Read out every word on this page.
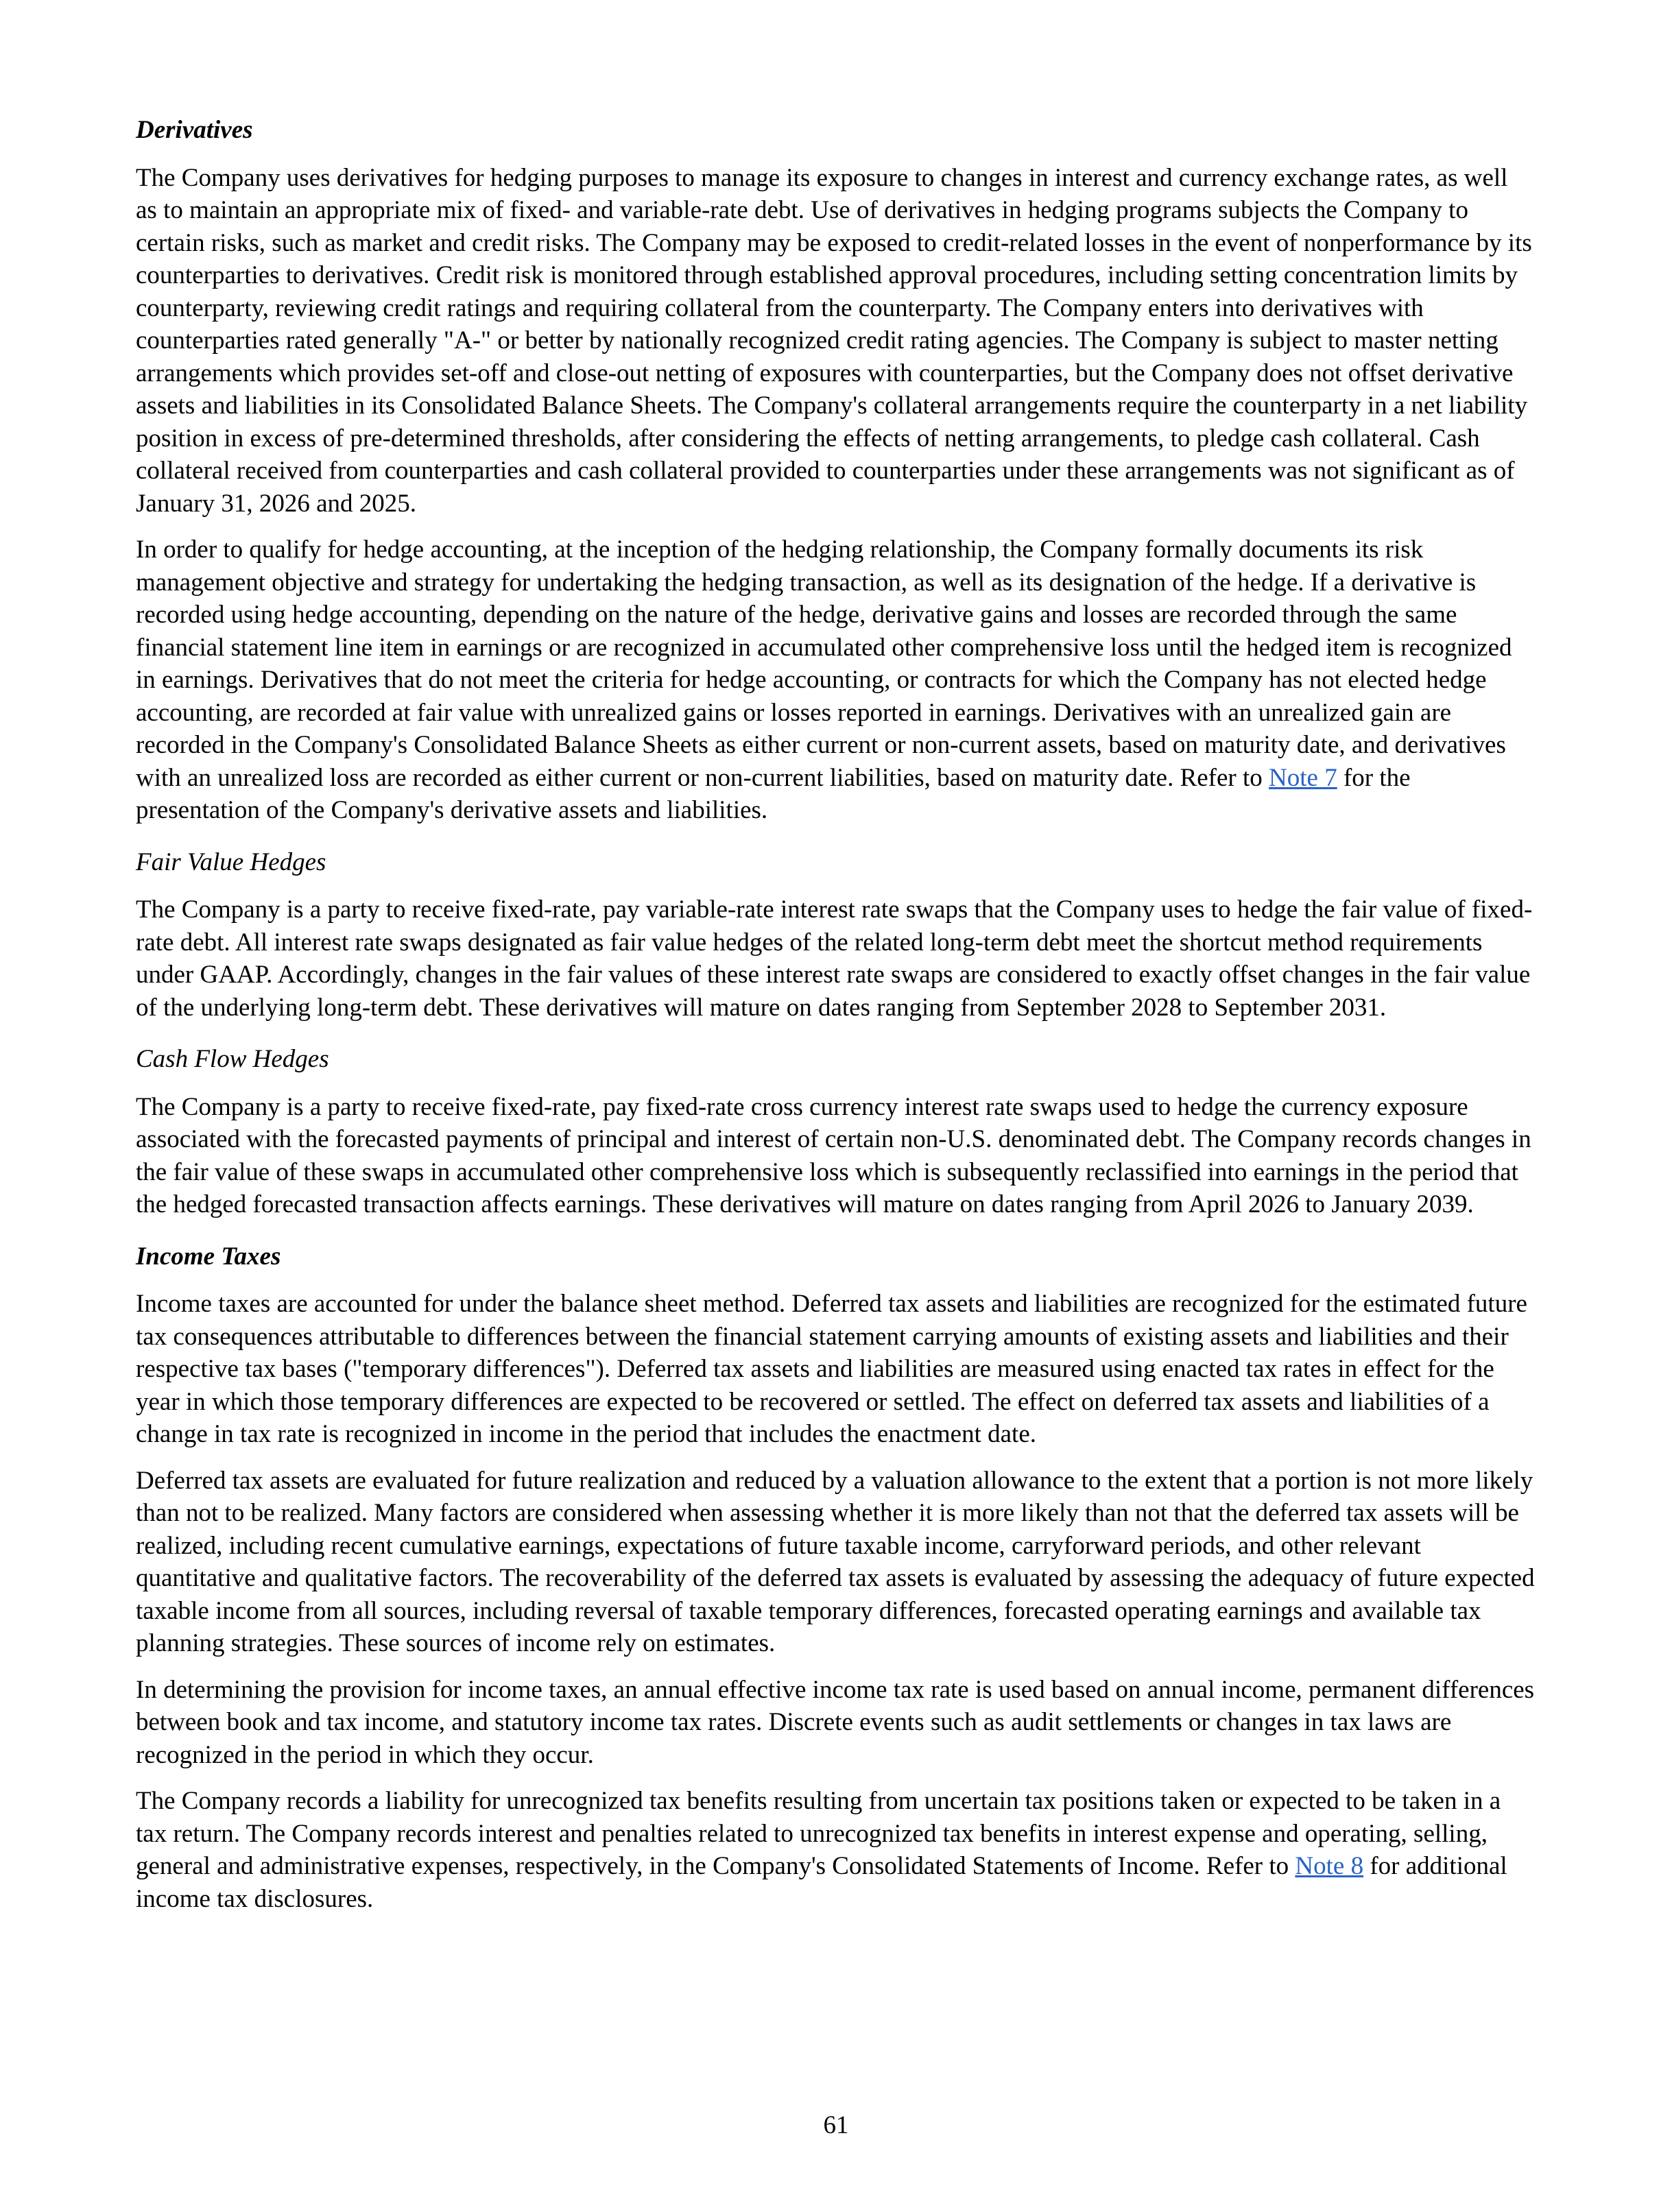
Derivatives

The Company uses derivatives for hedging purposes to manage its exposure to changes in interest and currency exchange rates, as well as to maintain an appropriate mix of fixed- and variable-rate debt. Use of derivatives in hedging programs subjects the Company to certain risks, such as market and credit risks. The Company may be exposed to credit-related losses in the event of nonperformance by its counterparties to derivatives. Credit risk is monitored through established approval procedures, including setting concentration limits by counterparty, reviewing credit ratings and requiring collateral from the counterparty. The Company enters into derivatives with counterparties rated generally "A-" or better by nationally recognized credit rating agencies. The Company is subject to master netting arrangements which provides set-off and close-out netting of exposures with counterparties, but the Company does not offset derivative assets and liabilities in its Consolidated Balance Sheets. The Company's collateral arrangements require the counterparty in a net liability position in excess of pre-determined thresholds, after considering the effects of netting arrangements, to pledge cash collateral. Cash collateral received from counterparties and cash collateral provided to counterparties under these arrangements was not significant as of January 31, 2026 and 2025.

In order to qualify for hedge accounting, at the inception of the hedging relationship, the Company formally documents its risk management objective and strategy for undertaking the hedging transaction, as well as its designation of the hedge. If a derivative is recorded using hedge accounting, depending on the nature of the hedge, derivative gains and losses are recorded through the same financial statement line item in earnings or are recognized in accumulated other comprehensive loss until the hedged item is recognized in earnings. Derivatives that do not meet the criteria for hedge accounting, or contracts for which the Company has not elected hedge accounting, are recorded at fair value with unrealized gains or losses reported in earnings. Derivatives with an unrealized gain are recorded in the Company's Consolidated Balance Sheets as either current or non-current assets, based on maturity date, and derivatives with an unrealized loss are recorded as either current or non-current liabilities, based on maturity date. Refer to Note 7 for the presentation of the Company's derivative assets and liabilities.

Fair Value Hedges

The Company is a party to receive fixed-rate, pay variable-rate interest rate swaps that the Company uses to hedge the fair value of fixed-rate debt. All interest rate swaps designated as fair value hedges of the related long-term debt meet the shortcut method requirements under GAAP. Accordingly, changes in the fair values of these interest rate swaps are considered to exactly offset changes in the fair value of the underlying long-term debt. These derivatives will mature on dates ranging from September 2028 to September 2031.

Cash Flow Hedges

The Company is a party to receive fixed-rate, pay fixed-rate cross currency interest rate swaps used to hedge the currency exposure associated with the forecasted payments of principal and interest of certain non-U.S. denominated debt. The Company records changes in the fair value of these swaps in accumulated other comprehensive loss which is subsequently reclassified into earnings in the period that the hedged forecasted transaction affects earnings. These derivatives will mature on dates ranging from April 2026 to January 2039.

Income Taxes

Income taxes are accounted for under the balance sheet method. Deferred tax assets and liabilities are recognized for the estimated future tax consequences attributable to differences between the financial statement carrying amounts of existing assets and liabilities and their respective tax bases ("temporary differences"). Deferred tax assets and liabilities are measured using enacted tax rates in effect for the year in which those temporary differences are expected to be recovered or settled. The effect on deferred tax assets and liabilities of a change in tax rate is recognized in income in the period that includes the enactment date.

Deferred tax assets are evaluated for future realization and reduced by a valuation allowance to the extent that a portion is not more likely than not to be realized. Many factors are considered when assessing whether it is more likely than not that the deferred tax assets will be realized, including recent cumulative earnings, expectations of future taxable income, carryforward periods, and other relevant quantitative and qualitative factors. The recoverability of the deferred tax assets is evaluated by assessing the adequacy of future expected taxable income from all sources, including reversal of taxable temporary differences, forecasted operating earnings and available tax planning strategies. These sources of income rely on estimates.

In determining the provision for income taxes, an annual effective income tax rate is used based on annual income, permanent differences between book and tax income, and statutory income tax rates. Discrete events such as audit settlements or changes in tax laws are recognized in the period in which they occur.

The Company records a liability for unrecognized tax benefits resulting from uncertain tax positions taken or expected to be taken in a tax return. The Company records interest and penalties related to unrecognized tax benefits in interest expense and operating, selling, general and administrative expenses, respectively, in the Company's Consolidated Statements of Income. Refer to Note 8 for additional income tax disclosures.

61
